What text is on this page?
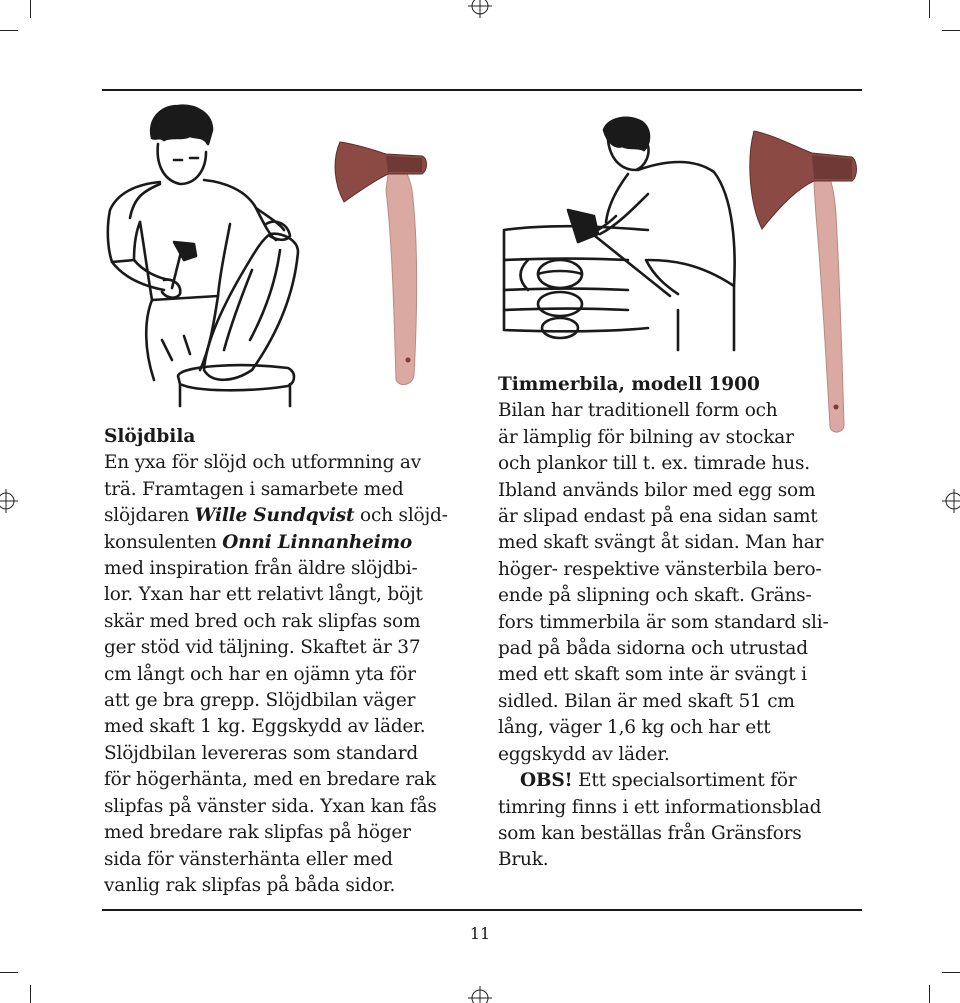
Slöjdbila
En yxa för slöjd och utformning av
trä. Framtagen i samarbete med
slöjdaren Wille Sundqvist och slöjd-
konsulenten Onni Linnanheimo
med inspiration från äldre slöjdbi-
lor. Yxan har ett relativt långt, böjt
skär med bred och rak slipfas som
ger stöd vid täljning. Skaftet är 37
cm långt och har en ojämn yta för
att ge bra grepp. Slöjdbilan väger
med skaft 1 kg. Eggskydd av läder.
Slöjdbilan levereras som standard
för högerhänta, med en bredare rak
slipfas på vänster sida. Yxan kan fås
med bredare rak slipfas på höger
sida för vänsterhänta eller med
vanlig rak slipfas på båda sidor.
Timmerbila, modell 1900
Bilan har traditionell form och
är lämplig för bilning av stockar
och plankor till t. ex. timrade hus.
Ibland används bilor med egg som
är slipad endast på ena sidan samt
med skaft svängt åt sidan. Man har
höger- respektive vänsterbila bero-
ende på slipning och skaft. Gräns-
fors timmerbila är som standard sli-
pad på båda sidorna och utrustad
med ett skaft som inte är svängt i
sidled. Bilan är med skaft 51 cm
lång, väger 1,6 kg och har ett
eggskydd av läder.
OBS! Ett specialsortiment för
timring finns i ett informationsblad
som kan beställas från Gränsfors
Bruk.
11
